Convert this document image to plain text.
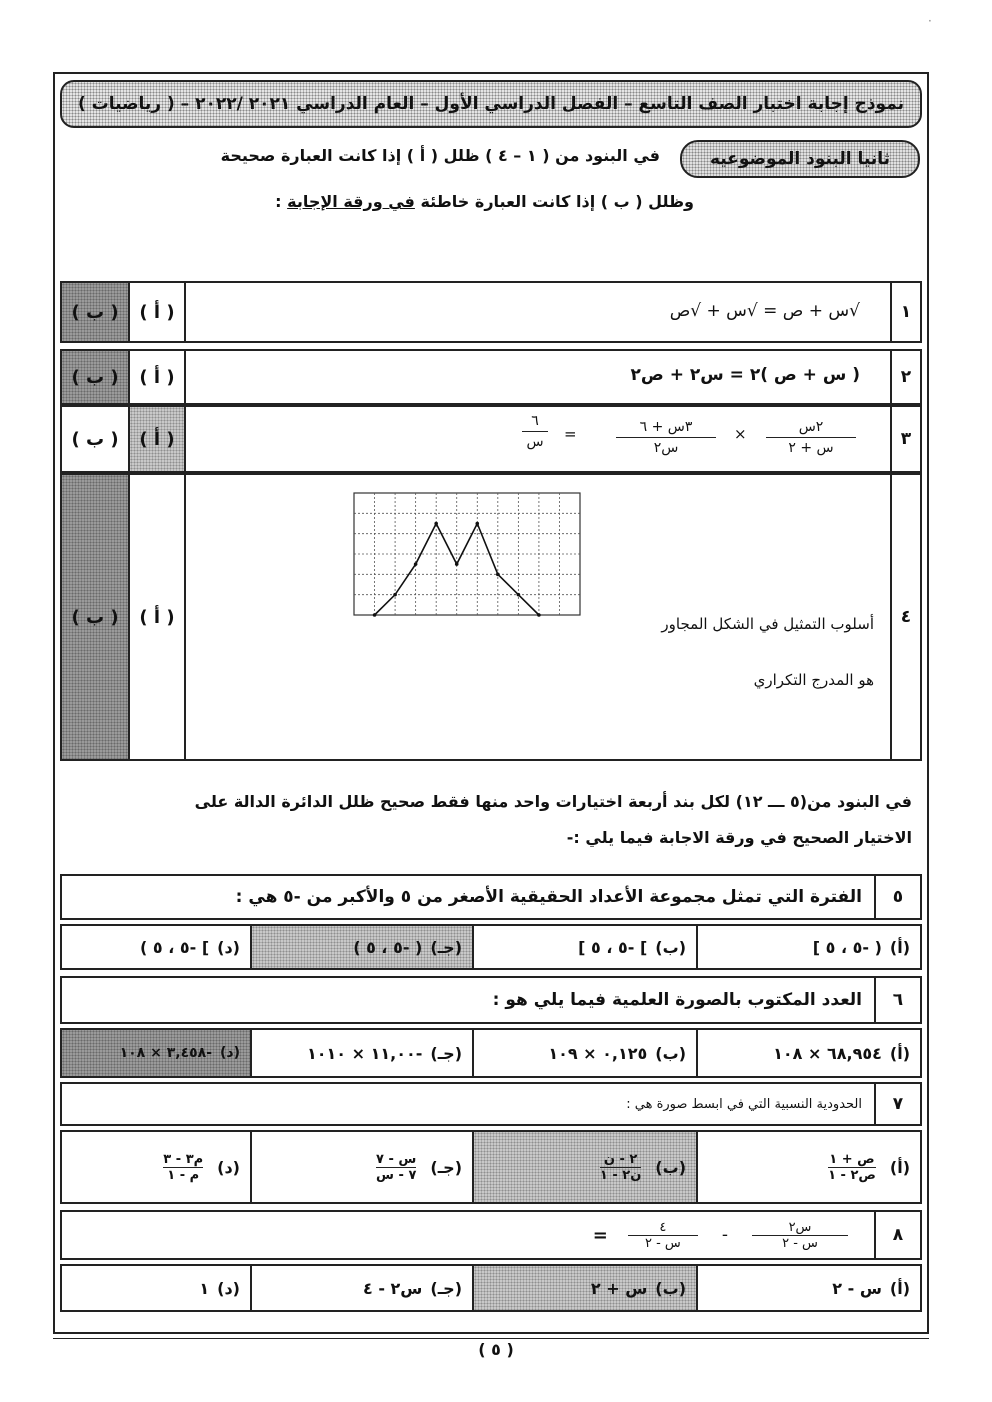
·
نموذج إجابة اختبار الصف التاسع – الفصل الدراسي الأول – العام الدراسي ٢٠٢١ /٢٠٢٢ – ( رياضيات )
ثانيا البنود الموضوعيه
في البنود من ( ١ – ٤ ) ظلل ( أ ) إذا كانت العبارة صحيحة
وظلل ( ب ) إذا كانت العبارة خاطئة في ورقة الإجابة :
١
√س + ص = √س + √ص
( أ )
( ب )
٢
( س + ص )٢ = س٢ + ص٢
( أ )
( ب )
٣
٢س
س + ٢
×
٣س + ٦
س٢
=
٦
س
( أ )
( ب )
٤
أسلوب التمثيل في الشكل المجاور
هو المدرج التكراري
( أ )
( ب )
في البنود من(٥ ـــ ١٢) لكل بند أربعة اختيارات واحد منها فقط صحيح ظلل الدائرة الدالة على
الاختيار الصحيح في ورقة الاجابة فيما يلي :-
٥
الفترة التي تمثل مجموعة الأعداد الحقيقية الأصغر من ٥ والأكبر من -٥ هي :
(أ)
( -٥ ، ٥ ]
(ب)
] -٥ ، ٥ ]
(جـ)
( -٥ ، ٥ )
(د)
] -٥ ، ٥ )
٦
العدد المكتوب بالصورة العلمية فيما يلي هو :
(أ)
٦٨,٩٥٤ × ١٠٨
(ب)
٠,١٢٥ × ١٠٩
(جـ)
-١١,٠٠ × ١٠١٠
(د)
-٣,٤٥٨ × ١٠٨
٧
الحدودية النسبية التي في ابسط صورة هي :
(أ)
$\frac{\text{ص + ١}}{\text{ص٢ - ١}}$
(ب)
$\frac{\text{٢ - ن}}{\text{ن٢ - ١}}$
(جـ)
$\frac{\text{س - ٧}}{\text{٧ - س}}$
(د)
$\frac{\text{م٣ - ٣}}{\text{م - ١}}$
٨
$\frac{\text{س٢}}{\text{س - ٢}}$
-
$\frac{٤}{\text{س - ٢}}$
=
(أ)
س - ٢
(ب)
س + ٢
(جـ)
س٢ - ٤
(د)
١
( ٥ )
